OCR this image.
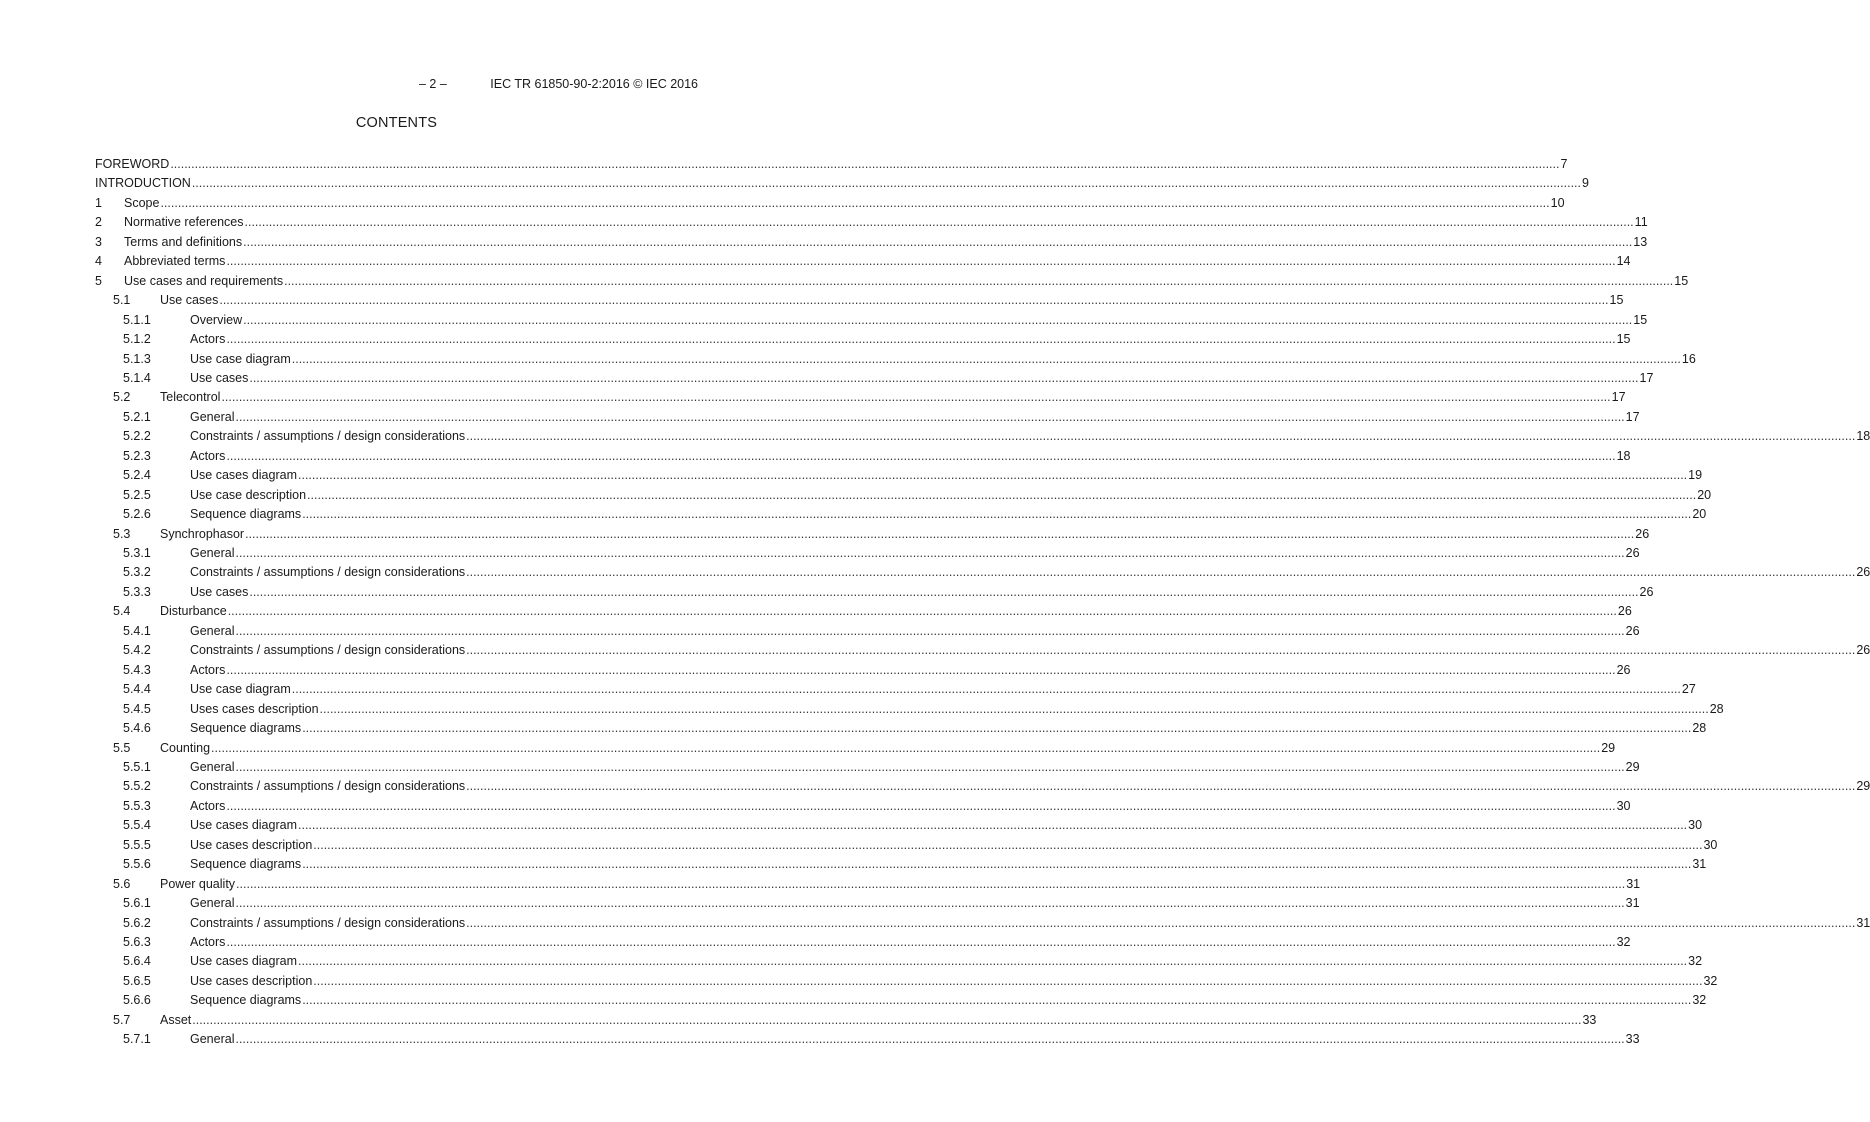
– 2 –	IEC TR 61850-90-2:2016 © IEC 2016
CONTENTS
FOREWORD ................................................................................................................................................................................................................................................................................................................................................................................................................ 7
INTRODUCTION ................................................................................................................................................................................................................................................................................................................................................................................................................ 9
1	Scope ................................................................................................................................................................................................................................................................................................................................................................................................................ 10
2	Normative references ................................................................................................................................................................................................................................................................................................................................................................................................................ 11
3	Terms and definitions ................................................................................................................................................................................................................................................................................................................................................................................................................ 13
4	Abbreviated terms ................................................................................................................................................................................................................................................................................................................................................................................................................ 14
5	Use cases and requirements ................................................................................................................................................................................................................................................................................................................................................................................................................ 15
5.1	Use cases ................................................................................................................................................................................................................................................................................................................................................................................................................ 15
5.1.1	Overview ................................................................................................................................................................................................................................................................................................................................................................................................................ 15
5.1.2	Actors ................................................................................................................................................................................................................................................................................................................................................................................................................ 15
5.1.3	Use case diagram ................................................................................................................................................................................................................................................................................................................................................................................................................ 16
5.1.4	Use cases ................................................................................................................................................................................................................................................................................................................................................................................................................ 17
5.2	Telecontrol ................................................................................................................................................................................................................................................................................................................................................................................................................ 17
5.2.1	General ................................................................................................................................................................................................................................................................................................................................................................................................................ 17
5.2.2	Constraints / assumptions / design considerations ................................................................................................................................................................................................................................................................................................................................................................................................................ 18
5.2.3	Actors ................................................................................................................................................................................................................................................................................................................................................................................................................ 18
5.2.4	Use cases diagram ................................................................................................................................................................................................................................................................................................................................................................................................................ 19
5.2.5	Use case description ................................................................................................................................................................................................................................................................................................................................................................................................................ 20
5.2.6	Sequence diagrams ................................................................................................................................................................................................................................................................................................................................................................................................................ 20
5.3	Synchrophasor ................................................................................................................................................................................................................................................................................................................................................................................................................ 26
5.3.1	General ................................................................................................................................................................................................................................................................................................................................................................................................................ 26
5.3.2	Constraints / assumptions / design considerations ................................................................................................................................................................................................................................................................................................................................................................................................................ 26
5.3.3	Use cases ................................................................................................................................................................................................................................................................................................................................................................................................................ 26
5.4	Disturbance ................................................................................................................................................................................................................................................................................................................................................................................................................ 26
5.4.1	General ................................................................................................................................................................................................................................................................................................................................................................................................................ 26
5.4.2	Constraints / assumptions / design considerations ................................................................................................................................................................................................................................................................................................................................................................................................................ 26
5.4.3	Actors ................................................................................................................................................................................................................................................................................................................................................................................................................ 26
5.4.4	Use case diagram ................................................................................................................................................................................................................................................................................................................................................................................................................ 27
5.4.5	Uses cases description ................................................................................................................................................................................................................................................................................................................................................................................................................ 28
5.4.6	Sequence diagrams ................................................................................................................................................................................................................................................................................................................................................................................................................ 28
5.5	Counting ................................................................................................................................................................................................................................................................................................................................................................................................................ 29
5.5.1	General ................................................................................................................................................................................................................................................................................................................................................................................................................ 29
5.5.2	Constraints / assumptions / design considerations ................................................................................................................................................................................................................................................................................................................................................................................................................ 29
5.5.3	Actors ................................................................................................................................................................................................................................................................................................................................................................................................................ 30
5.5.4	Use cases diagram ................................................................................................................................................................................................................................................................................................................................................................................................................ 30
5.5.5	Use cases description ................................................................................................................................................................................................................................................................................................................................................................................................................ 30
5.5.6	Sequence diagrams ................................................................................................................................................................................................................................................................................................................................................................................................................ 31
5.6	Power quality ................................................................................................................................................................................................................................................................................................................................................................................................................ 31
5.6.1	General ................................................................................................................................................................................................................................................................................................................................................................................................................ 31
5.6.2	Constraints / assumptions / design considerations ................................................................................................................................................................................................................................................................................................................................................................................................................ 31
5.6.3	Actors ................................................................................................................................................................................................................................................................................................................................................................................................................ 32
5.6.4	Use cases diagram ................................................................................................................................................................................................................................................................................................................................................................................................................ 32
5.6.5	Use cases description ................................................................................................................................................................................................................................................................................................................................................................................................................ 32
5.6.6	Sequence diagrams ................................................................................................................................................................................................................................................................................................................................................................................................................ 32
5.7	Asset ................................................................................................................................................................................................................................................................................................................................................................................................................ 33
5.7.1	General ................................................................................................................................................................................................................................................................................................................................................................................................................ 33
